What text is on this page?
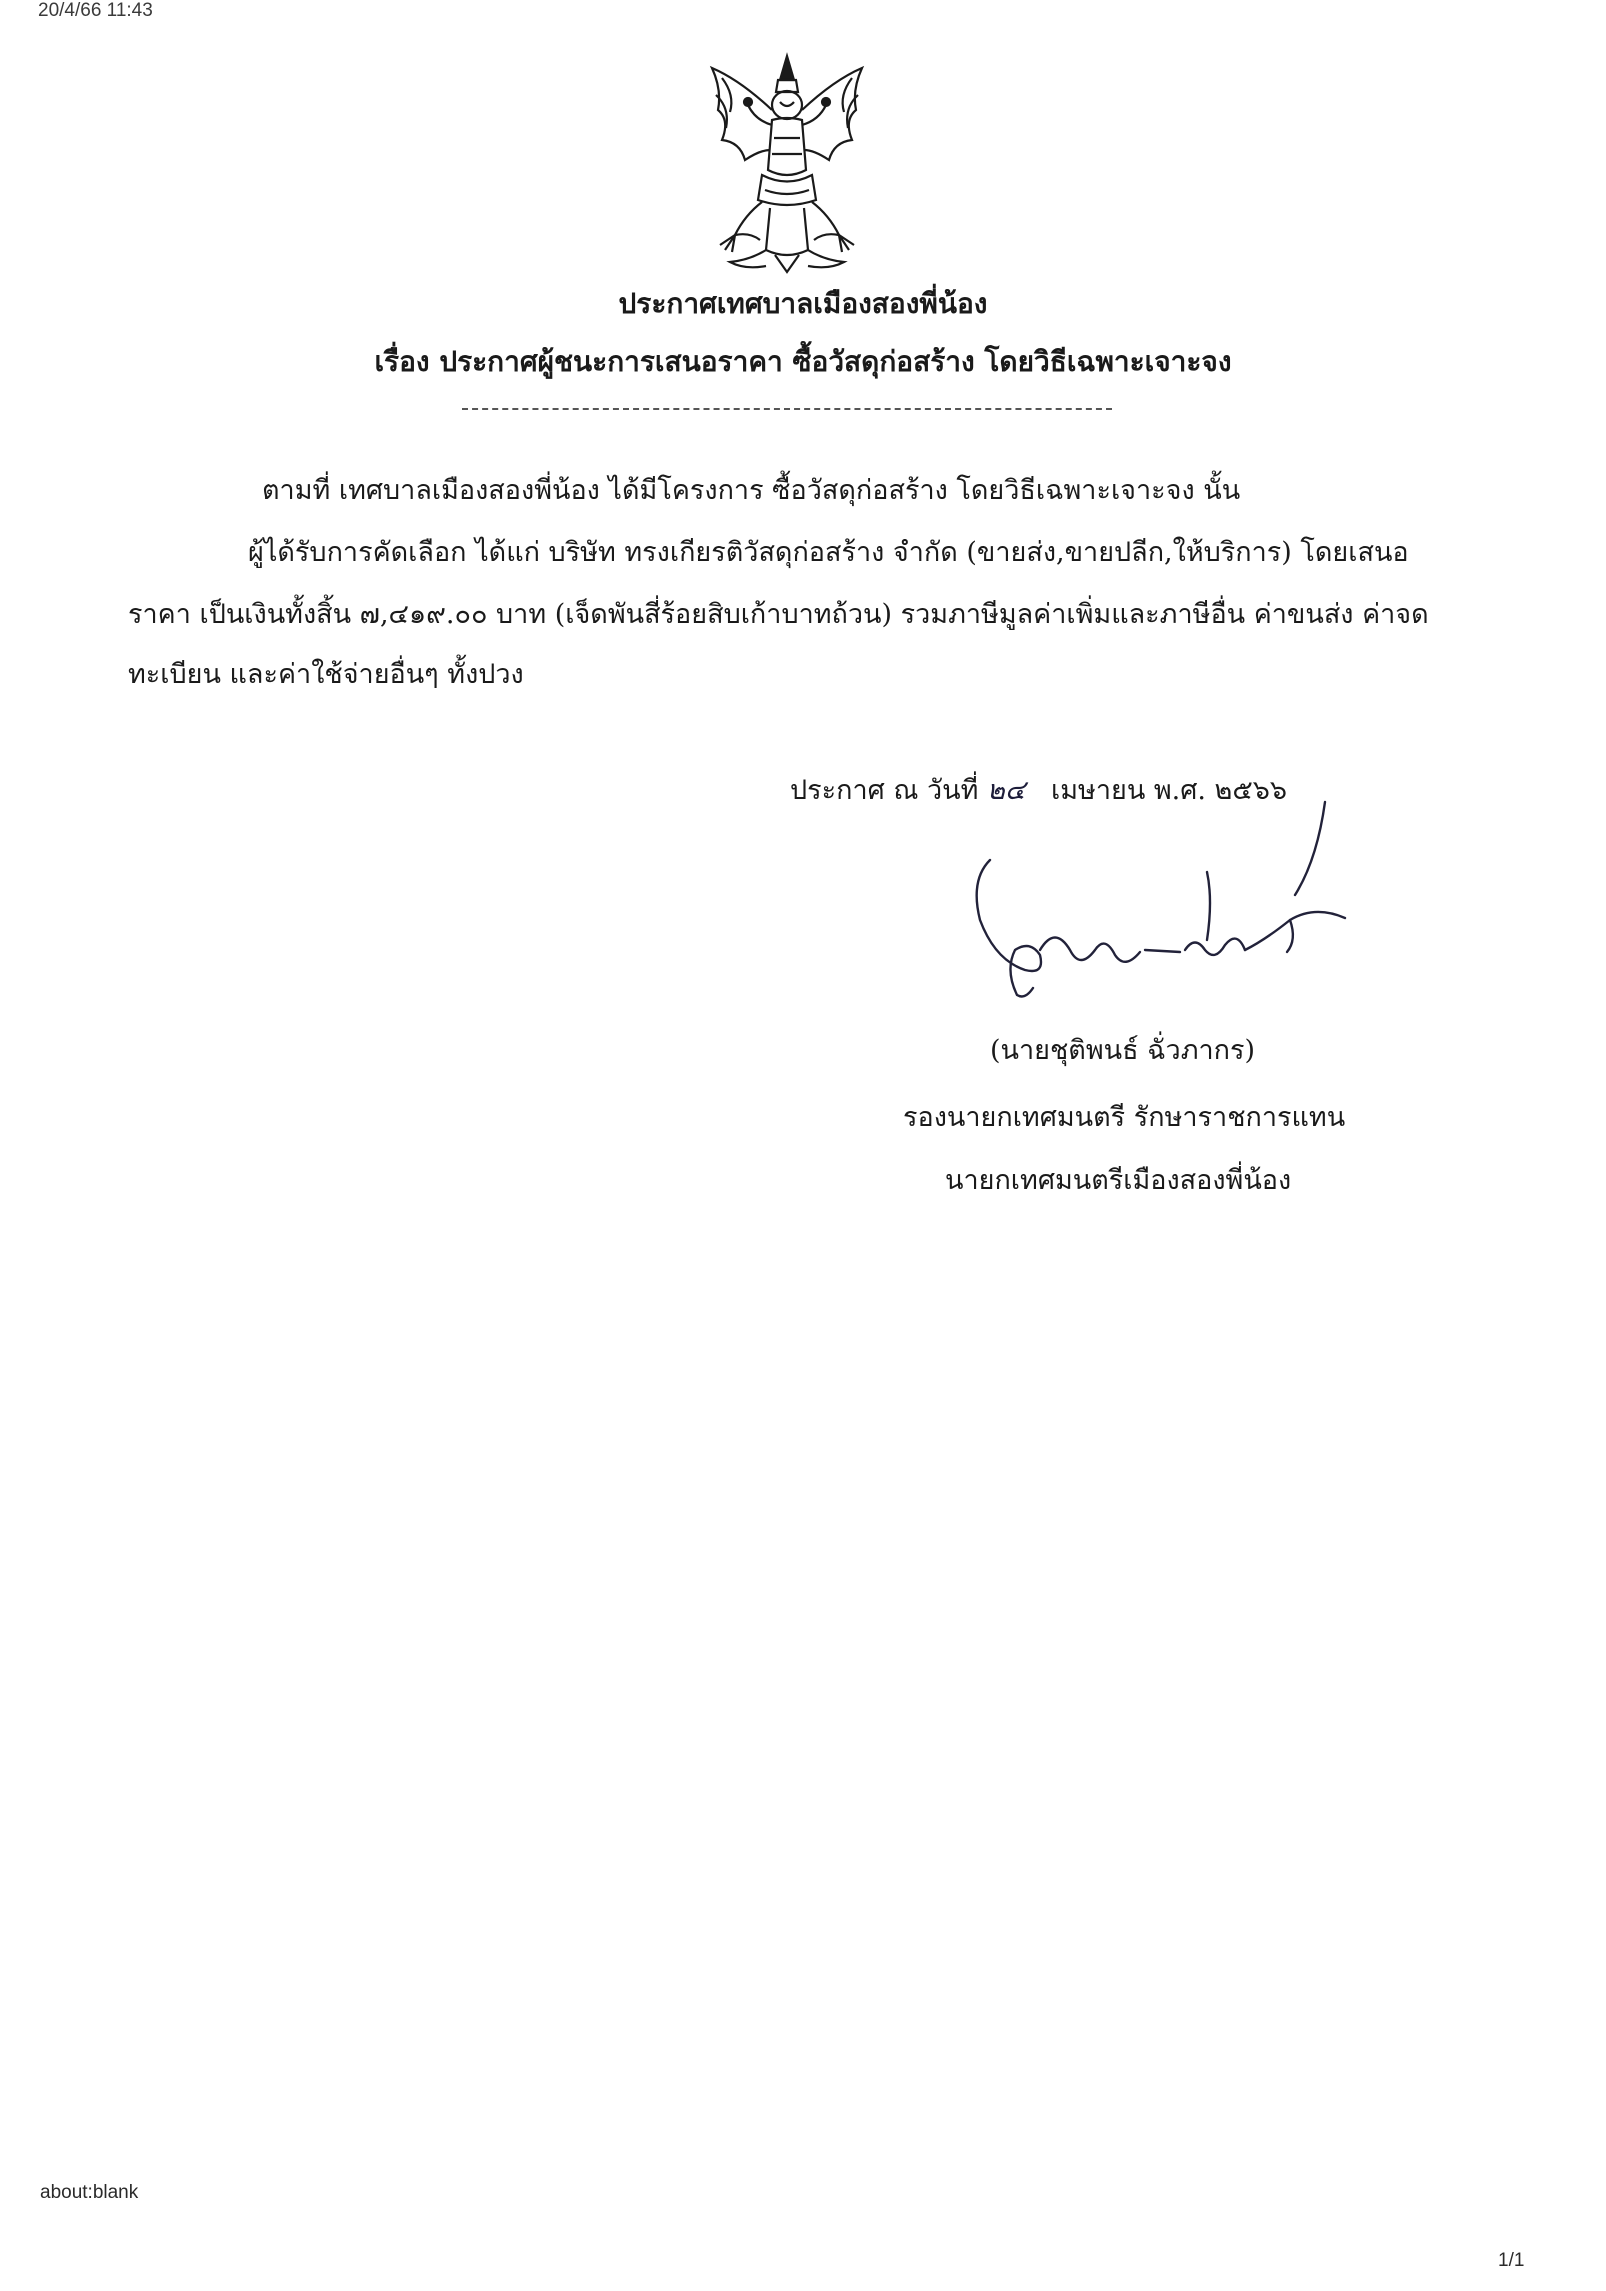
20/4/66 11:43
ประกาศเทศบาลเมืองสองพี่น้อง
เรื่อง ประกาศผู้ชนะการเสนอราคา ซื้อวัสดุก่อสร้าง โดยวิธีเฉพาะเจาะจง
ตามที่ เทศบาลเมืองสองพี่น้อง ได้มีโครงการ ซื้อวัสดุก่อสร้าง โดยวิธีเฉพาะเจาะจง นั้น
ผู้ได้รับการคัดเลือก ได้แก่ บริษัท ทรงเกียรติวัสดุก่อสร้าง จำกัด (ขายส่ง,ขายปลีก,ให้บริการ) โดยเสนอ
ราคา เป็นเงินทั้งสิ้น ๗,๔๑๙.๐๐ บาท (เจ็ดพันสี่ร้อยสิบเก้าบาทถ้วน) รวมภาษีมูลค่าเพิ่มและภาษีอื่น ค่าขนส่ง ค่าจด
ทะเบียน และค่าใช้จ่ายอื่นๆ ทั้งปวง
ประกาศ ณ วันที่ ๒๔ เมษายน พ.ศ. ๒๕๖๖
(นายชุติพนธ์ ฉั่วภากร)
รองนายกเทศมนตรี รักษาราชการแทน
นายกเทศมนตรีเมืองสองพี่น้อง
about:blank
1/1
